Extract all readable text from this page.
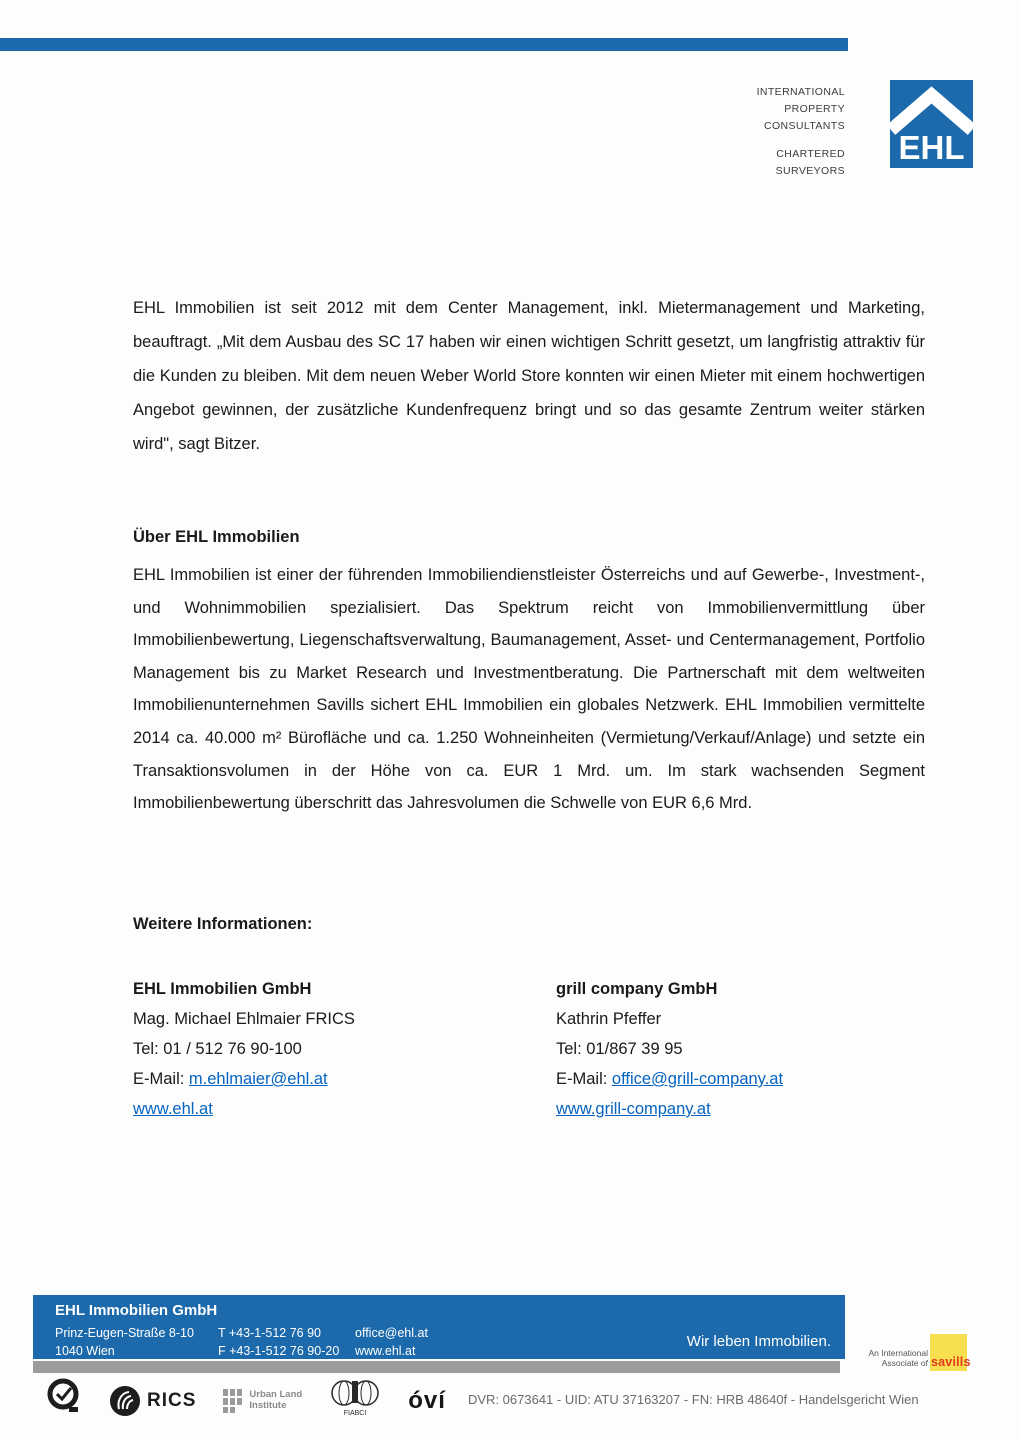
INTERNATIONAL
PROPERTY
CONSULTANTS
CHARTERED
SURVEYORS
EHL
EHL Immobilien ist seit 2012 mit dem Center Management, inkl. Mietermanagement und Marketing, beauftragt. „Mit dem Ausbau des SC 17 haben wir einen wichtigen Schritt gesetzt, um langfristig attraktiv für die Kunden zu bleiben. Mit dem neuen Weber World Store konnten wir einen Mieter mit einem hochwertigen Angebot gewinnen, der zusätzliche Kundenfrequenz bringt und so das gesamte Zentrum weiter stärken wird", sagt Bitzer.
Über EHL Immobilien
EHL Immobilien ist einer der führenden Immobiliendienstleister Österreichs und auf Gewerbe-, Investment-, und Wohnimmobilien spezialisiert. Das Spektrum reicht von Immobilienvermittlung über Immobilienbewertung, Liegenschaftsverwaltung, Baumanagement, Asset- und Centermanagement, Portfolio Management bis zu Market Research und Investmentberatung. Die Partnerschaft mit dem weltweiten Immobilienunternehmen Savills sichert EHL Immobilien ein globales Netzwerk. EHL Immobilien vermittelte 2014 ca. 40.000 m² Bürofläche und ca. 1.250 Wohneinheiten (Vermietung/Verkauf/Anlage) und setzte ein Transaktionsvolumen in der Höhe von ca. EUR 1 Mrd. um. Im stark wachsenden Segment Immobilienbewertung überschritt das Jahresvolumen die Schwelle von EUR 6,6 Mrd.
Weitere Informationen:
EHL Immobilien GmbH
Mag. Michael Ehlmaier FRICS
Tel: 01 / 512 76 90-100
E-Mail: m.ehlmaier@ehl.at
www.ehl.at
grill company GmbH
Kathrin Pfeffer
Tel: 01/867 39 95
E-Mail: office@grill-company.at
www.grill-company.at
EHL Immobilien GmbH
Prinz-Eugen-Straße 8-10
1040 Wien
T +43-1-512 76 90
F +43-1-512 76 90-20
office@ehl.at
www.ehl.at
Wir leben Immobilien.
An International
Associate of savills
RICS	Urban Land
Institute
FIABCI óví DVR: 0673641 - UID: ATU 37163207 - FN: HRB 48640f - Handelsgericht Wien
